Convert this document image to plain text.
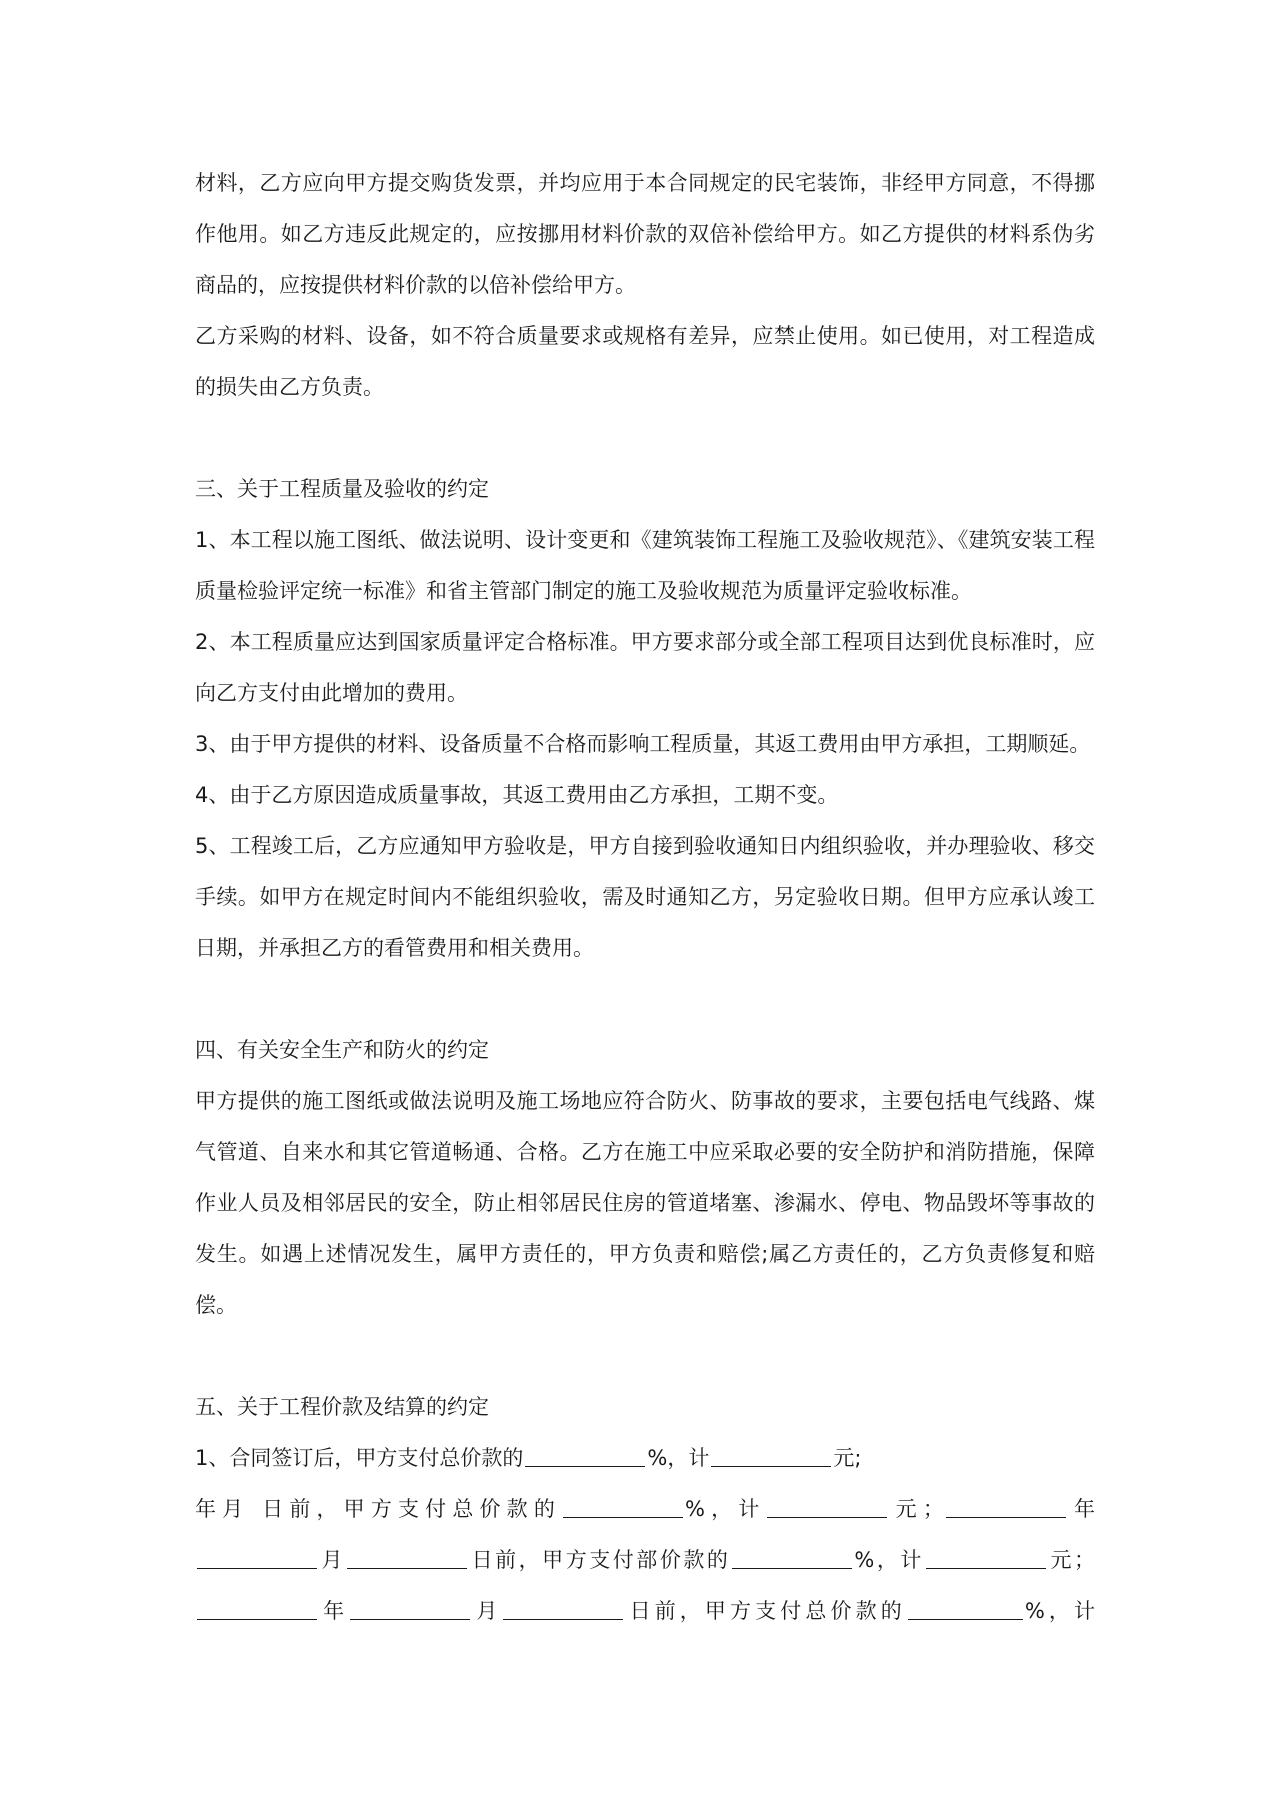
材料，乙方应向甲方提交购货发票，并均应用于本合同规定的民宅装饰，非经甲方同意，不得挪作他用。如乙方违反此规定的，应按挪用材料价款的双倍补偿给甲方。如乙方提供的材料系伪劣商品的，应按提供材料价款的以倍补偿给甲方。

乙方采购的材料、设备，如不符合质量要求或规格有差异，应禁止使用。如已使用，对工程造成的损失由乙方负责。

三、关于工程质量及验收的约定

1、本工程以施工图纸、做法说明、设计变更和《建筑装饰工程施工及验收规范》、《建筑安装工程质量检验评定统一标准》和省主管部门制定的施工及验收规范为质量评定验收标准。

2、本工程质量应达到国家质量评定合格标准。甲方要求部分或全部工程项目达到优良标准时，应向乙方支付由此增加的费用。

3、由于甲方提供的材料、设备质量不合格而影响工程质量，其返工费用由甲方承担，工期顺延。

4、由于乙方原因造成质量事故，其返工费用由乙方承担，工期不变。

5、工程竣工后，乙方应通知甲方验收是，甲方自接到验收通知日内组织验收，并办理验收、移交手续。如甲方在规定时间内不能组织验收，需及时通知乙方，另定验收日期。但甲方应承认竣工日期，并承担乙方的看管费用和相关费用。

四、有关安全生产和防火的约定

甲方提供的施工图纸或做法说明及施工场地应符合防火、防事故的要求，主要包括电气线路、煤气管道、自来水和其它管道畅通、合格。乙方在施工中应采取必要的安全防护和消防措施，保障作业人员及相邻居民的安全，防止相邻居民住房的管道堵塞、渗漏水、停电、物品毁坏等事故的发生。如遇上述情况发生，属甲方责任的，甲方负责和赔偿;属乙方责任的，乙方负责修复和赔偿。

五、关于工程价款及结算的约定

1、合同签订后，甲方支付总价款的	%，计	元;

年月 日前，甲方支付总价款的	%，计	元；	年

月	日前，甲方支付部价款的	%，计	元；

年	月	日前，甲方支付总价款的	%，计
